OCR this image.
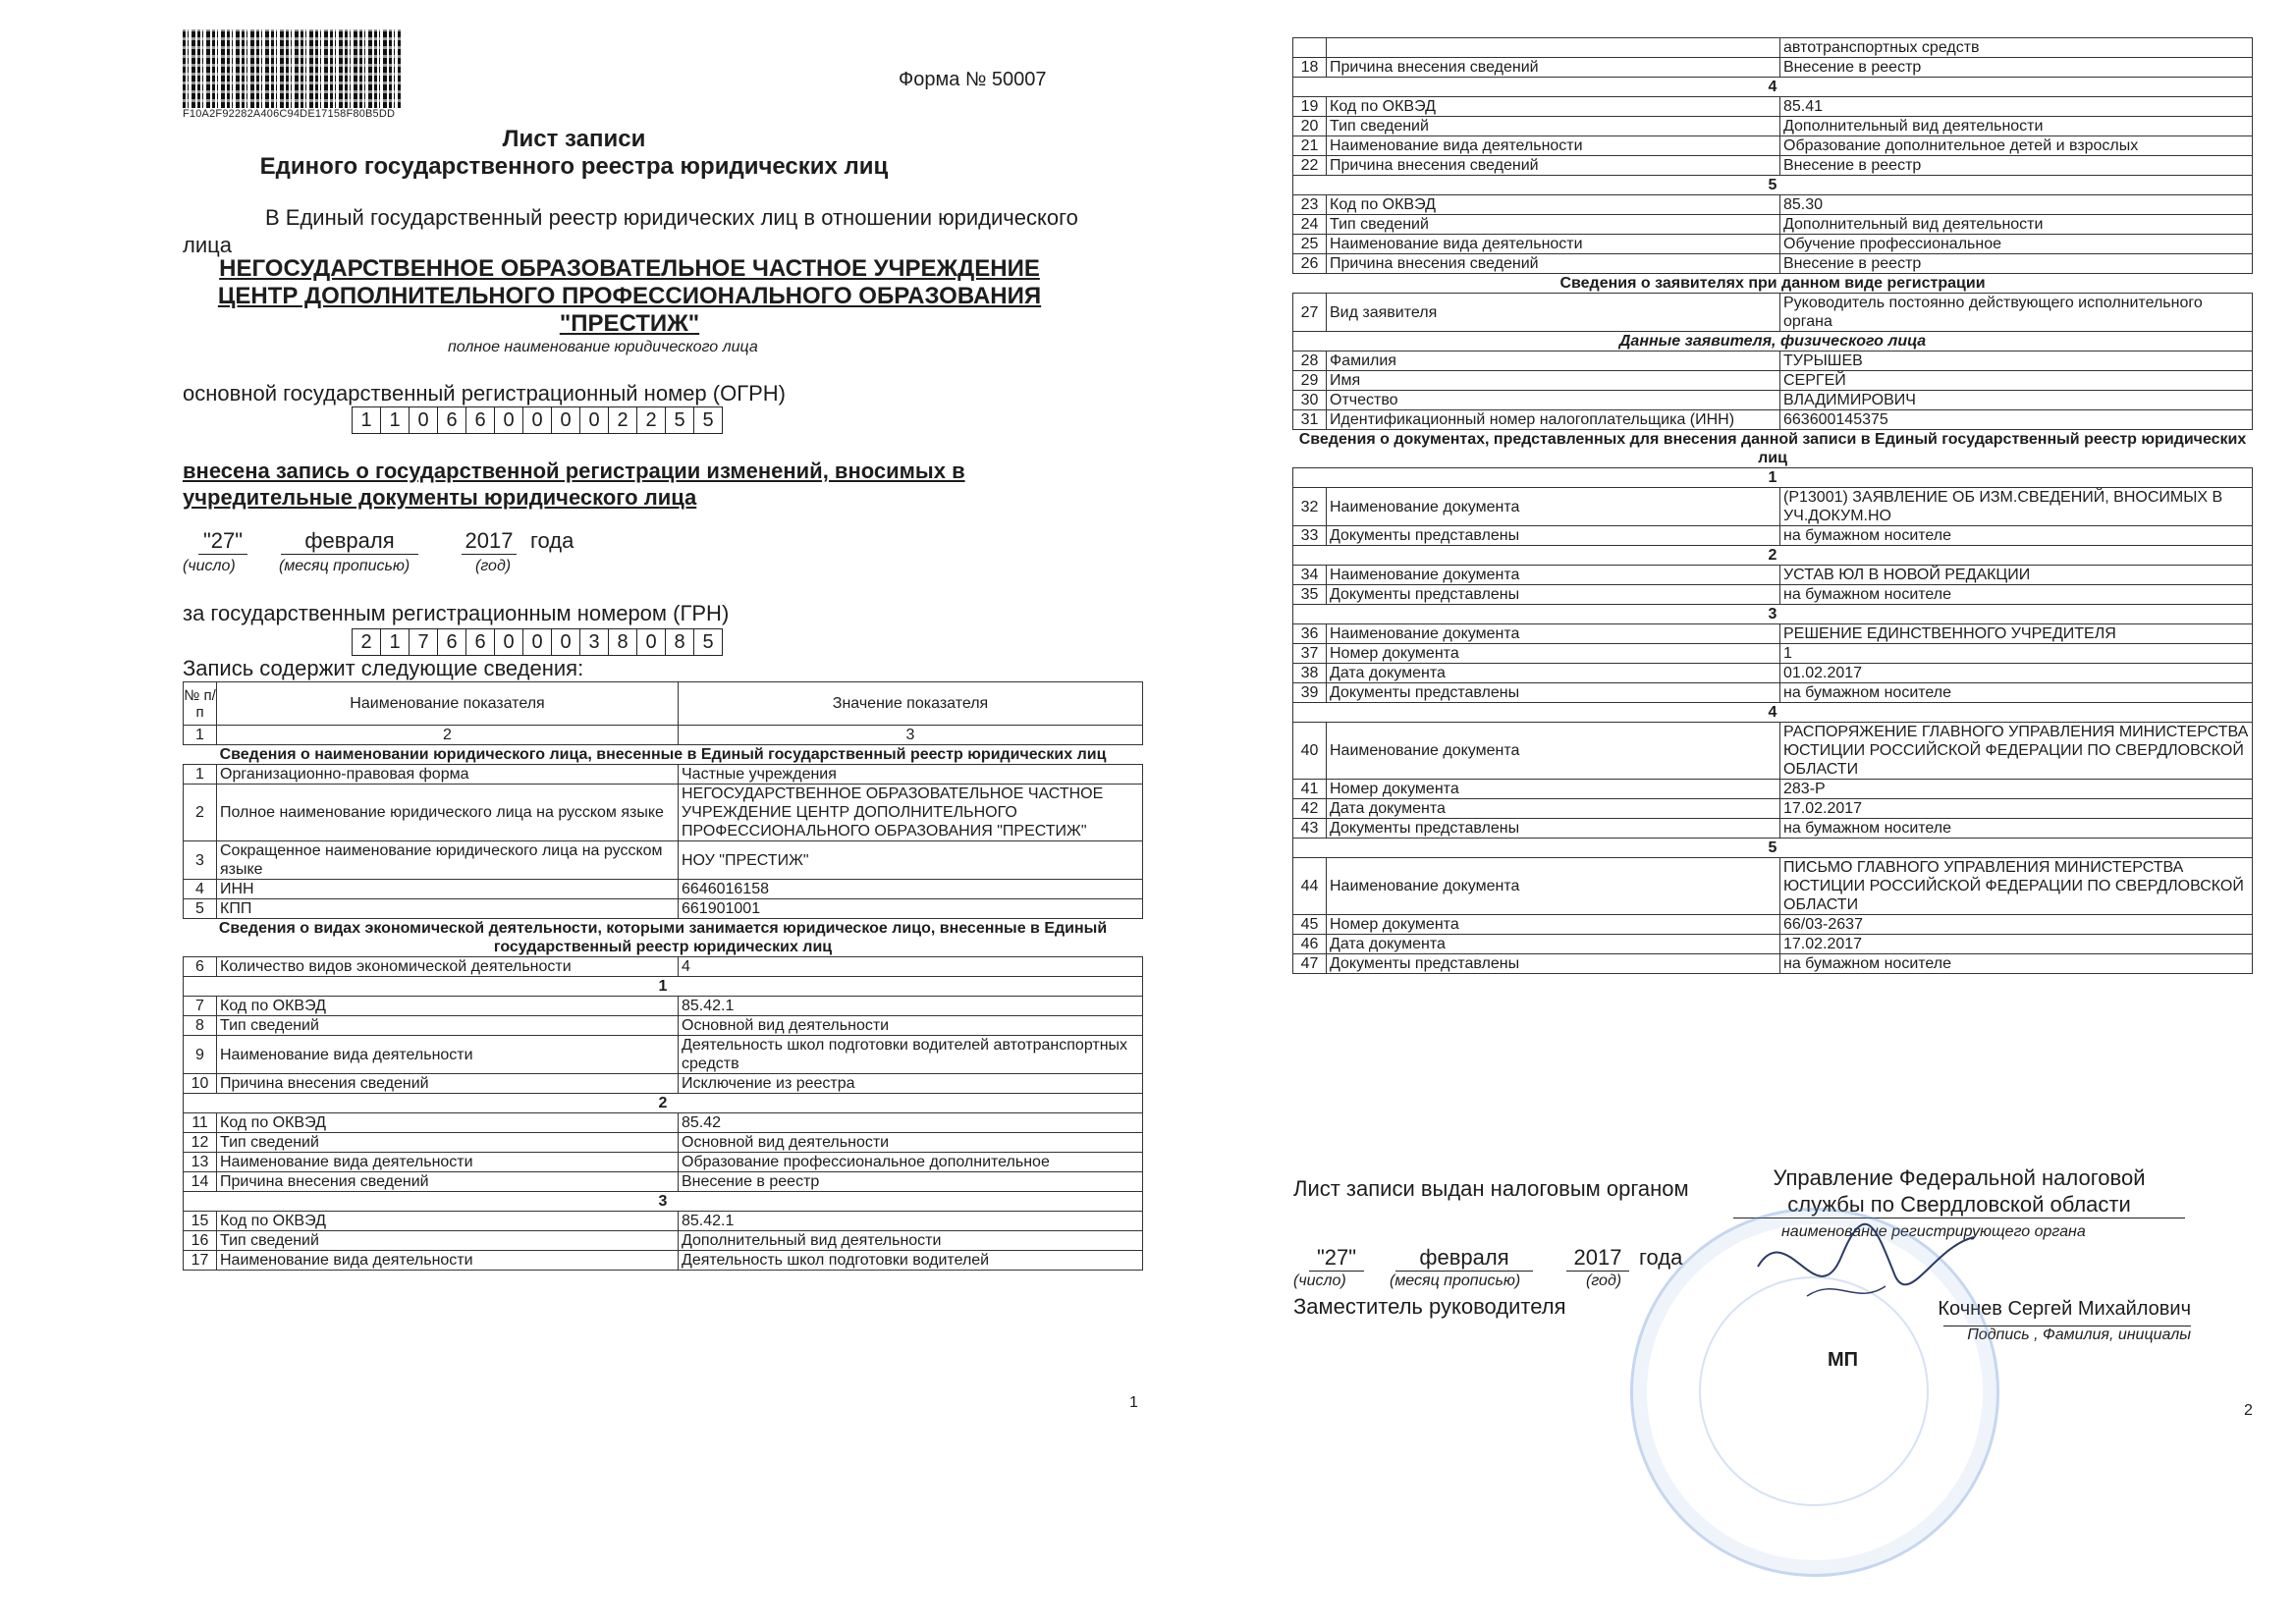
F10A2F92282A406C94DE17158F80B5DD
Форма № 50007
Лист записи
Единого государственного реестра юридических лиц
В Единый государственный реестр юридических лиц в отношении юридического
лица
НЕГОСУДАРСТВЕННОЕ ОБРАЗОВАТЕЛЬНОЕ ЧАСТНОЕ УЧРЕЖДЕНИЕ
ЦЕНТР ДОПОЛНИТЕЛЬНОГО ПРОФЕССИОНАЛЬНОГО ОБРАЗОВАНИЯ
"ПРЕСТИЖ"
полное наименование юридического лица
основной государственный регистрационный номер (ОГРН)
1 1 0 6 6 0 0 0 0 2 2 5 5
внесена запись о государственной регистрации изменений, вносимых в
учредительные документы юридического лица
"27"	февраля	2017 года
(число)	(месяц прописью)	(год)
за государственным регистрационным номером (ГРН)
2 1 7 6 6 0 0 0 3 8 0 8 5
Запись содержит следующие сведения:
№ п/п	Наименование показателя	Значение показателя
1	2	3
Сведения о наименовании юридического лица, внесенные в Единый государственный реестр юридических лиц		
1	Организационно-правовая форма	Частные учреждения
2	Полное наименование юридического лица на русском языке	НЕГОСУДАРСТВЕННОЕ ОБРАЗОВАТЕЛЬНОЕ ЧАСТНОЕ УЧРЕЖДЕНИЕ ЦЕНТР ДОПОЛНИТЕЛЬНОГО ПРОФЕССИОНАЛЬНОГО ОБРАЗОВАНИЯ "ПРЕСТИЖ"
3	Сокращенное наименование юридического лица на русском языке	НОУ "ПРЕСТИЖ"
4	ИНН	6646016158
5	КПП	661901001
Сведения о видах экономической деятельности, которыми занимается юридическое лицо, внесенные в Единый государственный реестр юридических лиц		
6	Количество видов экономической деятельности	4
1		
7	Код по ОКВЭД	85.42.1
8	Тип сведений	Основной вид деятельности
9	Наименование вида деятельности	Деятельность школ подготовки водителей автотранспортных средств
10	Причина внесения сведений	Исключение из реестра
2		
11	Код по ОКВЭД	85.42
12	Тип сведений	Основной вид деятельности
13	Наименование вида деятельности	Образование профессиональное дополнительное
14	Причина внесения сведений	Внесение в реестр
3		
15	Код по ОКВЭД	85.42.1
16	Тип сведений	Дополнительный вид деятельности
17	Наименование вида деятельности	Деятельность школ подготовки водителей
1
		автотранспортных средств
18	Причина внесения сведений	Внесение в реестр
4		
19	Код по ОКВЭД	85.41
20	Тип сведений	Дополнительный вид деятельности
21	Наименование вида деятельности	Образование дополнительное детей и взрослых
22	Причина внесения сведений	Внесение в реестр
5		
23	Код по ОКВЭД	85.30
24	Тип сведений	Дополнительный вид деятельности
25	Наименование вида деятельности	Обучение профессиональное
26	Причина внесения сведений	Внесение в реестр
Сведения о заявителях при данном виде регистрации		
27	Вид заявителя	Руководитель постоянно действующего исполнительного органа
Данные заявителя, физического лица		
28	Фамилия	ТУРЫШЕВ
29	Имя	СЕРГЕЙ
30	Отчество	ВЛАДИМИРОВИЧ
31	Идентификационный номер налогоплательщика (ИНН)	663600145375
Сведения о документах, представленных для внесения данной записи в Единый государственный реестр юридических лиц		
1		
32	Наименование документа	(Р13001) ЗАЯВЛЕНИЕ ОБ ИЗМ.СВЕДЕНИЙ, ВНОСИМЫХ В УЧ.ДОКУМ.НО
33	Документы представлены	на бумажном носителе
2		
34	Наименование документа	УСТАВ ЮЛ В НОВОЙ РЕДАКЦИИ
35	Документы представлены	на бумажном носителе
3		
36	Наименование документа	РЕШЕНИЕ ЕДИНСТВЕННОГО УЧРЕДИТЕЛЯ
37	Номер документа	1
38	Дата документа	01.02.2017
39	Документы представлены	на бумажном носителе
4		
40	Наименование документа	РАСПОРЯЖЕНИЕ ГЛАВНОГО УПРАВЛЕНИЯ МИНИСТЕРСТВА ЮСТИЦИИ РОССИЙСКОЙ ФЕДЕРАЦИИ ПО СВЕРДЛОВСКОЙ ОБЛАСТИ
41	Номер документа	283-Р
42	Дата документа	17.02.2017
43	Документы представлены	на бумажном носителе
5		
44	Наименование документа	ПИСЬМО ГЛАВНОГО УПРАВЛЕНИЯ МИНИСТЕРСТВА ЮСТИЦИИ РОССИЙСКОЙ ФЕДЕРАЦИИ ПО СВЕРДЛОВСКОЙ ОБЛАСТИ
45	Номер документа	66/03-2637
46	Дата документа	17.02.2017
47	Документы представлены	на бумажном носителе
2
Лист записи выдан налоговым органом	Управление Федеральной налоговой
службы по Свердловской области
наименование регистрирующего органа
"27"	февраля	2017 года
(число)	(месяц прописью)	(год)
Заместитель руководителя	Кочнев Сергей Михайлович
Подпись , Фамилия, инициалы
МП
